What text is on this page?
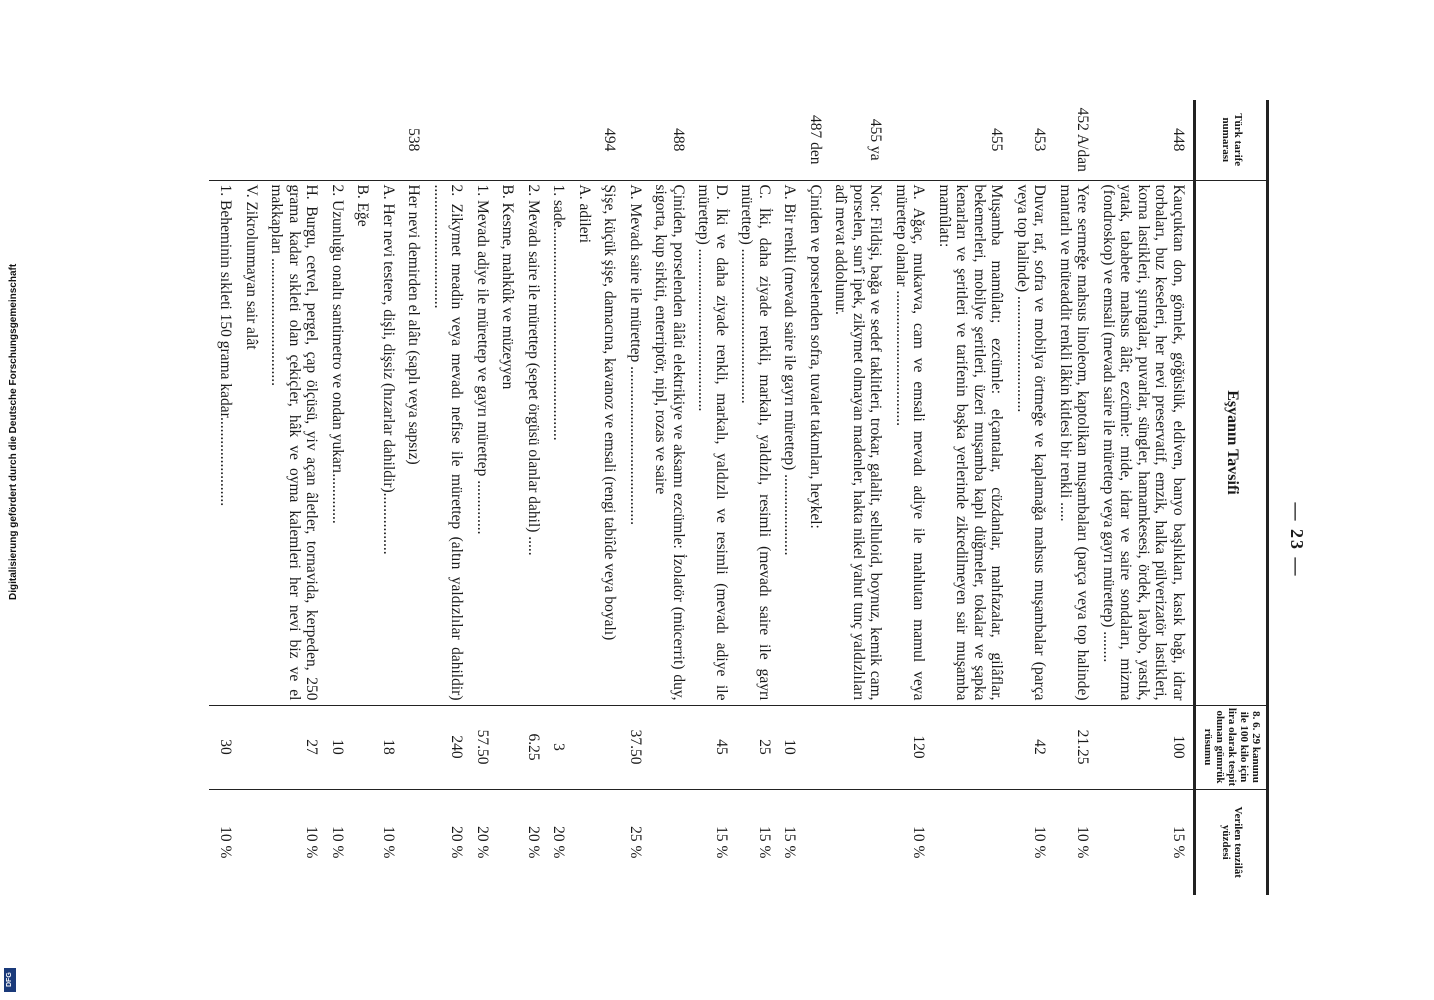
Digitalisierung gefördert durch die Deutsche Forschungsgemeinschaft
DFG
— 23 —
Türk tarife numarası	Eşyanın Tavsifi	8. 6. 29 kanunu ile 100 kilo için lira olarak tespit olunan gümrük rüsumu	Verilen tenzilât yüzdesi
448	Kauçuktan don, gömlek, göğüslük, eldiven, banyo başlıkları, kasık bağı, idrar torbaları, buz keseleri, her nevi preservatif, emzik, halka pülverizatör lastikleri, korna lastikleri, şırıngalar, puvarlar, süngler, hamamkesesi, ördek, lavabo, yastık, yatak, tababete mahsus âlât; ezcümle: mide, idrar ve saire sondaları, mizma (fondroskop) ve emsali (mevadı saire ile mürettep veya gayrı mürettep) ........	100	15 %
452 A/dan	Yere sermeğe mahsus linoleom, kaptolikan muşambaları (parça veya top halinde) mantarlı ve müteaddit renkli lâkin kitlesi bir renkli .....	21.25	10 %
453	Duvar, raf, sofra ve mobilya örtmeğe ve kaplamağa mahsus muşambalar (parça veya top halinde) ..............................	42	10 %
455	Muşamba mamûlatı; ezcümle: elçantalar, cüzdanlar, mahfazalar, gilâflar, bekemerleri, mobilye şeritleri, üzeri muşamba kaplı düğmeler, tokalar ve şapka kenarları ve şeritleri ve tarifenin başka yerlerinde zikredilmeyen sair muşamba mamûlatı:		
	A. Ağaç, mukavva, cam ve emsali mevadı adiye ile mahlutan mamul veya mürettep olanlar ...................................	120	10 %
455 ya	Not: Fildişi, bağa ve sedef taklitleri, trokar, galalit, selluloid, boynuz, kemik cam, porselen, sun'î ipek, zikymet olmayan madenler, hakta nikel yahut tunç yaldızlıları adî mevat addolunur.		
487 den	Çiniden ve porselenden sofra, tuvalet takımları, heykel:		
	A. Bir renkli (mevadı saire ile gayrı mürettep) .....................	10	15 %
	C. İki, daha ziyade renkli, markalı, yaldızlı, resimli (mevadı saire ile gayrı mürettep) ........................................	25	15 %
	D. İki ve daha ziyade renkli, markalı, yaldızlı ve resimli (mevadı adiye ile mürettep) ..........................................	45	15 %
488	Çiniden, porselenden âlâti elektrikiye ve aksamı ezcümle: İzolatör (mücerrit) duy, sigorta, kup sirkiti, enterriptör, nipl, rozas ve saire		
	A. Mevadı saire ile mürettep .........................................	37.50	25 %
494	Şişe, küçük şişe, damacına, kavanoz ve emsali (rengi tabiîde veya boyalı)		
	A. adileri		
	1. sade.......................................................	3	20 %
	2. Mevadı saire ile mürettep (sepet örgüsü olanlar dahil) .....	6.25	20 %
	B. Kesme, mahkûk ve müzeyyen		
	1. Mevadı adiye ile mürettep ve gayrı mürettep ..............	57.50	20 %
	2. Zikymet meadin veya mevadı nefise ile mürettep (altın yaldızlılar dahildir) ................................	240	20 %
538	Her nevi demirden el alâtı (saplı veya sapsız)		
	A. Her nevi testere, dişli, dişsiz (hızarlar dahildir)................	18	10 %
	B. Eğe		
	2. Uzunluğu onaltı santimetro ve ondan yukarı.............	10	10 %
	H. Burgu, cetvel, pergel, çap ölçüsü, yiv açan âletler, tornavida, kerpeden, 250 grama kadar sıkleti olan çekiçler, hâk ve oyma kalemleri her nevi biz ve el makkapları .................................	27	10 %
	V. Zikrolunmayan sair alât		
	1. Beheminin sıkleti 150 grama kadar.......................	30	10 %
